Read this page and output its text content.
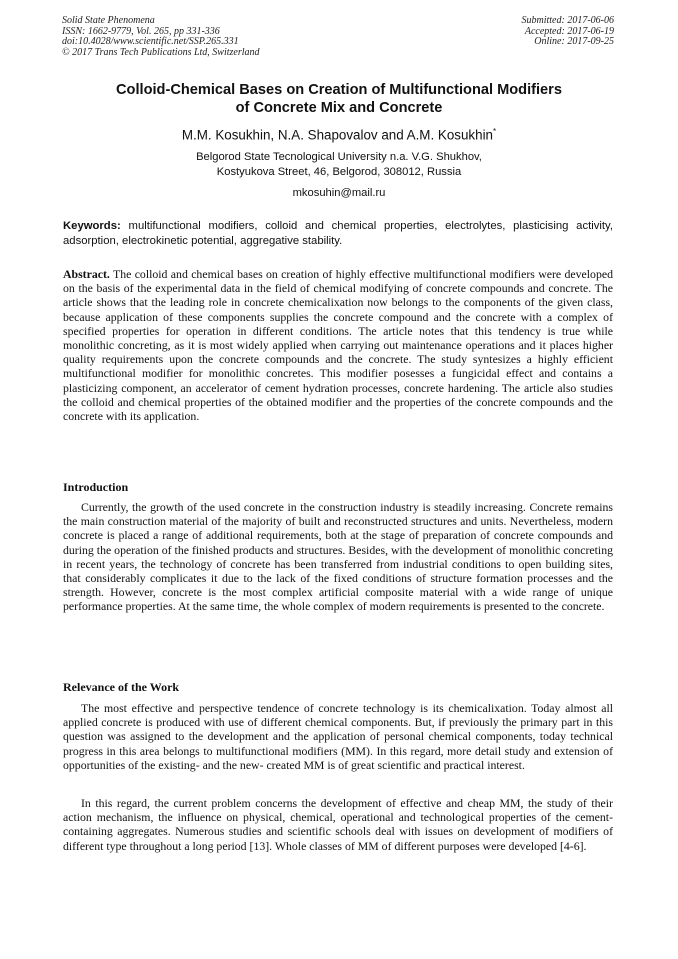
Solid State Phenomena
ISSN: 1662-9779, Vol. 265, pp 331-336
doi:10.4028/www.scientific.net/SSP.265.331
© 2017 Trans Tech Publications Ltd, Switzerland
Submitted: 2017-06-06
Accepted: 2017-06-19
Online: 2017-09-25
Colloid-Chemical Bases on Creation of Multifunctional Modifiers
of Concrete Mix and Concrete
M.M. Kosukhin, N.A. Shapovalov and A.M. Kosukhin*
Belgorod State Tecnological University n.a. V.G. Shukhov,
Kostyukova Street, 46, Belgorod, 308012, Russia
mkosuhin@mail.ru
Keywords: multifunctional modifiers, colloid and chemical properties, electrolytes, plasticising activity, adsorption, electrokinetic potential, aggregative stability.
Abstract. The colloid and chemical bases on creation of highly effective multifunctional modifiers were developed on the basis of the experimental data in the field of chemical modifying of concrete compounds and concrete. The article shows that the leading role in concrete chemicalixation now belongs to the components of the given class, because application of these components supplies the concrete compound and the concrete with a complex of specified properties for operation in different conditions. The article notes that this tendency is true while monolithic concreting, as it is most widely applied when carrying out maintenance operations and it places higher quality requirements upon the concrete compounds and the concrete. The study syntesizes a highly efficient multifunctional modifier for monolithic concretes. This modifier posesses a fungicidal effect and contains a plasticizing component, an accelerator of cement hydration processes, concrete hardening. The article also studies the colloid and chemical properties of the obtained modifier and the properties of the concrete compounds and the concrete with its application.
Introduction

Currently, the growth of the used concrete in the construction industry is steadily increasing. Concrete remains the main construction material of the majority of built and reconstructed structures and units. Nevertheless, modern concrete is placed a range of additional requirements, both at the stage of preparation of concrete compounds and during the operation of the finished products and structures. Besides, with the development of monolithic concreting in recent years, the technology of concrete has been transferred from industrial conditions to open building sites, that considerably complicates it due to the lack of the fixed conditions of structure formation processes and the strength. However, concrete is the most complex artificial composite material with a wide range of unique performance properties. At the same time, the whole complex of modern requirements is presented to the concrete.

Relevance of the Work

The most effective and perspective tendence of concrete technology is its chemicalixation. Today almost all applied concrete is produced with use of different chemical components. But, if previously the primary part in this question was assigned to the development and the application of personal chemical components, today technical progress in this area belongs to multifunctional modifiers (MM). In this regard, more detail study and extension of opportunities of the existing- and the new- created MM is of great scientific and practical interest.

In this regard, the current problem concerns the development of effective and cheap MM, the study of their action mechanism, the influence on physical, chemical, operational and technological properties of the cement-containing aggregates. Numerous studies and scientific schools deal with issues on development of modifiers of different type throughout a long period [13]. Whole classes of MM of different purposes were developed [4-6].
